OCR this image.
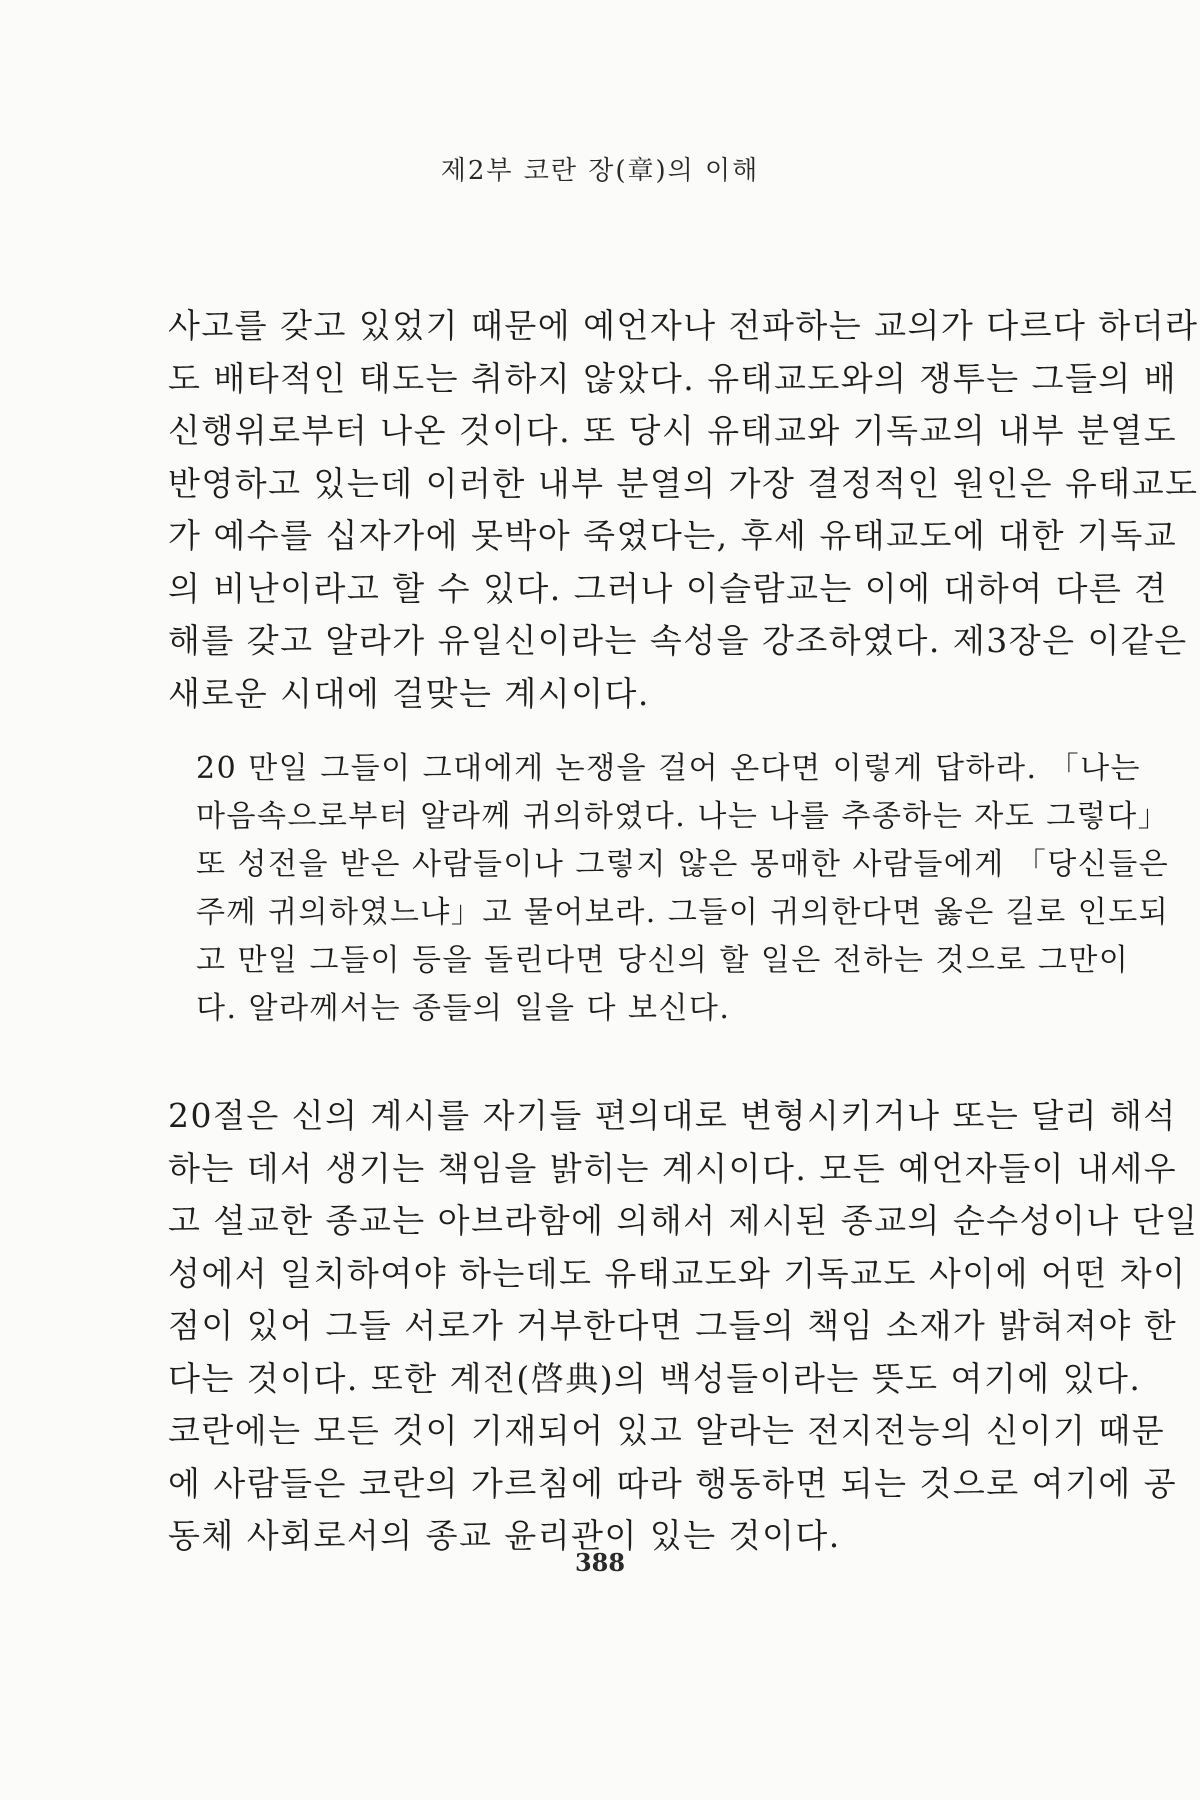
제2부 코란 장(章)의 이해
사고를 갖고 있었기 때문에 예언자나 전파하는 교의가 다르다 하더라
도 배타적인 태도는 취하지 않았다. 유태교도와의 쟁투는 그들의 배
신행위로부터 나온 것이다. 또 당시 유태교와 기독교의 내부 분열도
반영하고 있는데 이러한 내부 분열의 가장 결정적인 원인은 유태교도
가 예수를 십자가에 못박아 죽였다는, 후세 유태교도에 대한 기독교
의 비난이라고 할 수 있다. 그러나 이슬람교는 이에 대하여 다른 견
해를 갖고 알라가 유일신이라는 속성을 강조하였다. 제3장은 이같은
새로운 시대에 걸맞는 계시이다.
20 만일 그들이 그대에게 논쟁을 걸어 온다면 이렇게 답하라. 「나는
마음속으로부터 알라께 귀의하였다. 나는 나를 추종하는 자도 그렇다」
또 성전을 받은 사람들이나 그렇지 않은 몽매한 사람들에게 「당신들은
주께 귀의하였느냐」고 물어보라. 그들이 귀의한다면 옳은 길로 인도되
고 만일 그들이 등을 돌린다면 당신의 할 일은 전하는 것으로 그만이
다. 알라께서는 종들의 일을 다 보신다.
20절은 신의 계시를 자기들 편의대로 변형시키거나 또는 달리 해석
하는 데서 생기는 책임을 밝히는 계시이다. 모든 예언자들이 내세우
고 설교한 종교는 아브라함에 의해서 제시된 종교의 순수성이나 단일
성에서 일치하여야 하는데도 유태교도와 기독교도 사이에 어떤 차이
점이 있어 그들 서로가 거부한다면 그들의 책임 소재가 밝혀져야 한
다는 것이다. 또한 계전(啓典)의 백성들이라는 뜻도 여기에 있다.
코란에는 모든 것이 기재되어 있고 알라는 전지전능의 신이기 때문
에 사람들은 코란의 가르침에 따라 행동하면 되는 것으로 여기에 공
동체 사회로서의 종교 윤리관이 있는 것이다.
388
